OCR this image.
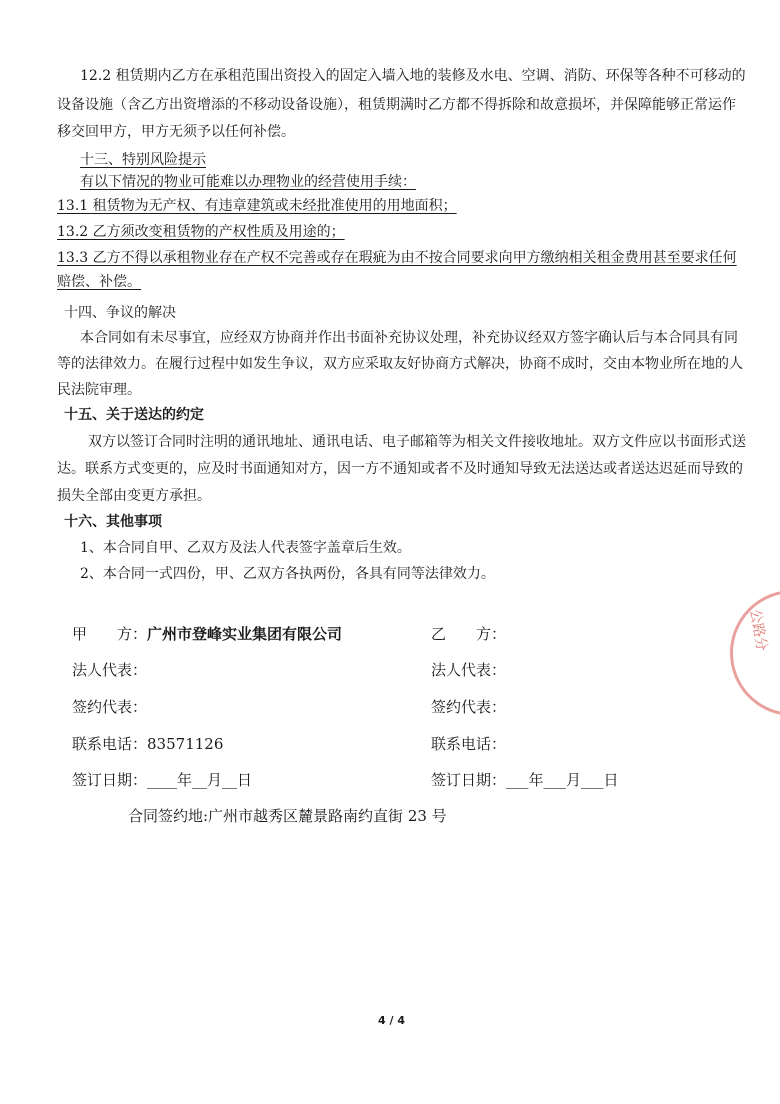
12.2 租赁期内乙方在承租范围出资投入的固定入墙入地的装修及水电、空调、消防、环保等各种不可移动的
设备设施（含乙方出资增添的不移动设备设施），租赁期满时乙方都不得拆除和故意损坏，并保障能够正常运作
移交回甲方，甲方无须予以任何补偿。
十三、特别风险提示
有以下情况的物业可能难以办理物业的经营使用手续：
13.1 租赁物为无产权、有违章建筑或未经批准使用的用地面积；
13.2 乙方须改变租赁物的产权性质及用途的；
13.3 乙方不得以承租物业存在产权不完善或存在瑕疵为由不按合同要求向甲方缴纳相关租金费用甚至要求任何
赔偿、补偿。
十四、争议的解决
本合同如有未尽事宜，应经双方协商并作出书面补充协议处理，补充协议经双方签字确认后与本合同具有同
等的法律效力。在履行过程中如发生争议，双方应采取友好协商方式解决，协商不成时，交由本物业所在地的人
民法院审理。
十五、关于送达的约定
双方以签订合同时注明的通讯地址、通讯电话、电子邮箱等为相关文件接收地址。双方文件应以书面形式送
达。联系方式变更的，应及时书面通知对方，因一方不通知或者不及时通知导致无法送达或者送达迟延而导致的
损失全部由变更方承担。
十六、其他事项
1、本合同自甲、乙双方及法人代表签字盖章后生效。
2、本合同一式四份，甲、乙双方各执两份，各具有同等法律效力。
甲　　方：广州市登峰实业集团有限公司	乙　　方：
法人代表：	法人代表：
签约代表：	签约代表：
联系电话：83571126	联系电话：
签订日期：____年__月__日	签订日期：___年___月___日
合同签约地:广州市越秀区麓景路南约直街 23 号
公路分
4 / 4
